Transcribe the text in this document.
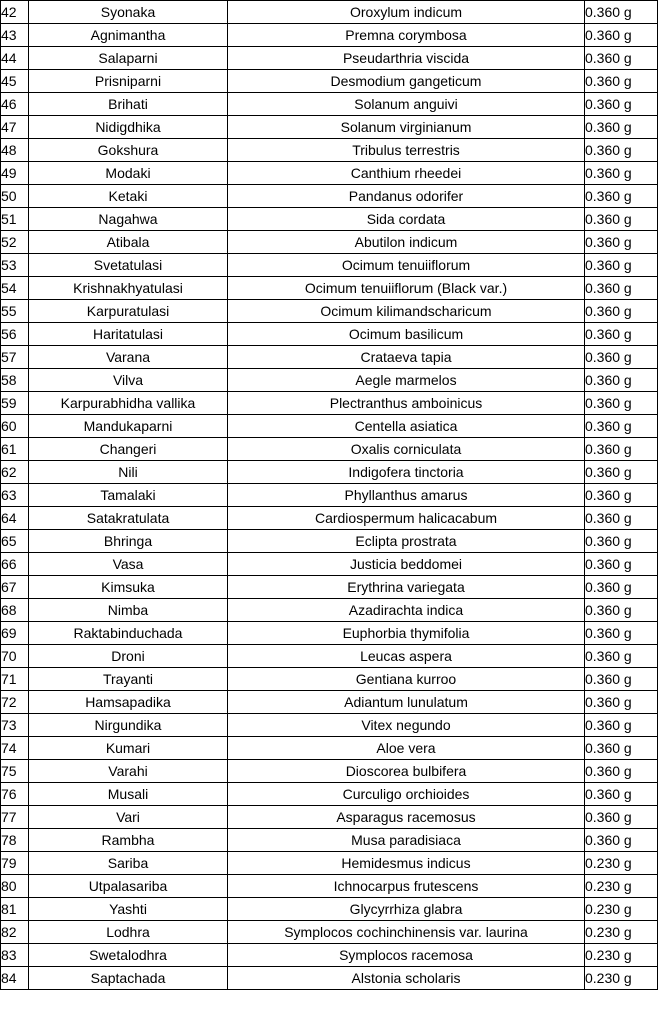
42	Syonaka	Oroxylum indicum	0.360 g
43	Agnimantha	Premna corymbosa	0.360 g
44	Salaparni	Pseudarthria viscida	0.360 g
45	Prisniparni	Desmodium gangeticum	0.360 g
46	Brihati	Solanum anguivi	0.360 g
47	Nidigdhika	Solanum virginianum	0.360 g
48	Gokshura	Tribulus terrestris	0.360 g
49	Modaki	Canthium rheedei	0.360 g
50	Ketaki	Pandanus odorifer	0.360 g
51	Nagahwa	Sida cordata	0.360 g
52	Atibala	Abutilon indicum	0.360 g
53	Svetatulasi	Ocimum tenuiiflorum	0.360 g
54	Krishnakhyatulasi	Ocimum tenuiiflorum (Black var.)	0.360 g
55	Karpuratulasi	Ocimum kilimandscharicum	0.360 g
56	Haritatulasi	Ocimum basilicum	0.360 g
57	Varana	Crataeva tapia	0.360 g
58	Vilva	Aegle marmelos	0.360 g
59	Karpurabhidha vallika	Plectranthus amboinicus	0.360 g
60	Mandukaparni	Centella asiatica	0.360 g
61	Changeri	Oxalis corniculata	0.360 g
62	Nili	Indigofera tinctoria	0.360 g
63	Tamalaki	Phyllanthus amarus	0.360 g
64	Satakratulata	Cardiospermum halicacabum	0.360 g
65	Bhringa	Eclipta prostrata	0.360 g
66	Vasa	Justicia beddomei	0.360 g
67	Kimsuka	Erythrina variegata	0.360 g
68	Nimba	Azadirachta indica	0.360 g
69	Raktabinduchada	Euphorbia thymifolia	0.360 g
70	Droni	Leucas aspera	0.360 g
71	Trayanti	Gentiana kurroo	0.360 g
72	Hamsapadika	Adiantum lunulatum	0.360 g
73	Nirgundika	Vitex negundo	0.360 g
74	Kumari	Aloe vera	0.360 g
75	Varahi	Dioscorea bulbifera	0.360 g
76	Musali	Curculigo orchioides	0.360 g
77	Vari	Asparagus racemosus	0.360 g
78	Rambha	Musa paradisiaca	0.360 g
79	Sariba	Hemidesmus indicus	0.230 g
80	Utpalasariba	Ichnocarpus frutescens	0.230 g
81	Yashti	Glycyrrhiza glabra	0.230 g
82	Lodhra	Symplocos cochinchinensis var. laurina	0.230 g
83	Swetalodhra	Symplocos racemosa	0.230 g
84	Saptachada	Alstonia scholaris	0.230 g
